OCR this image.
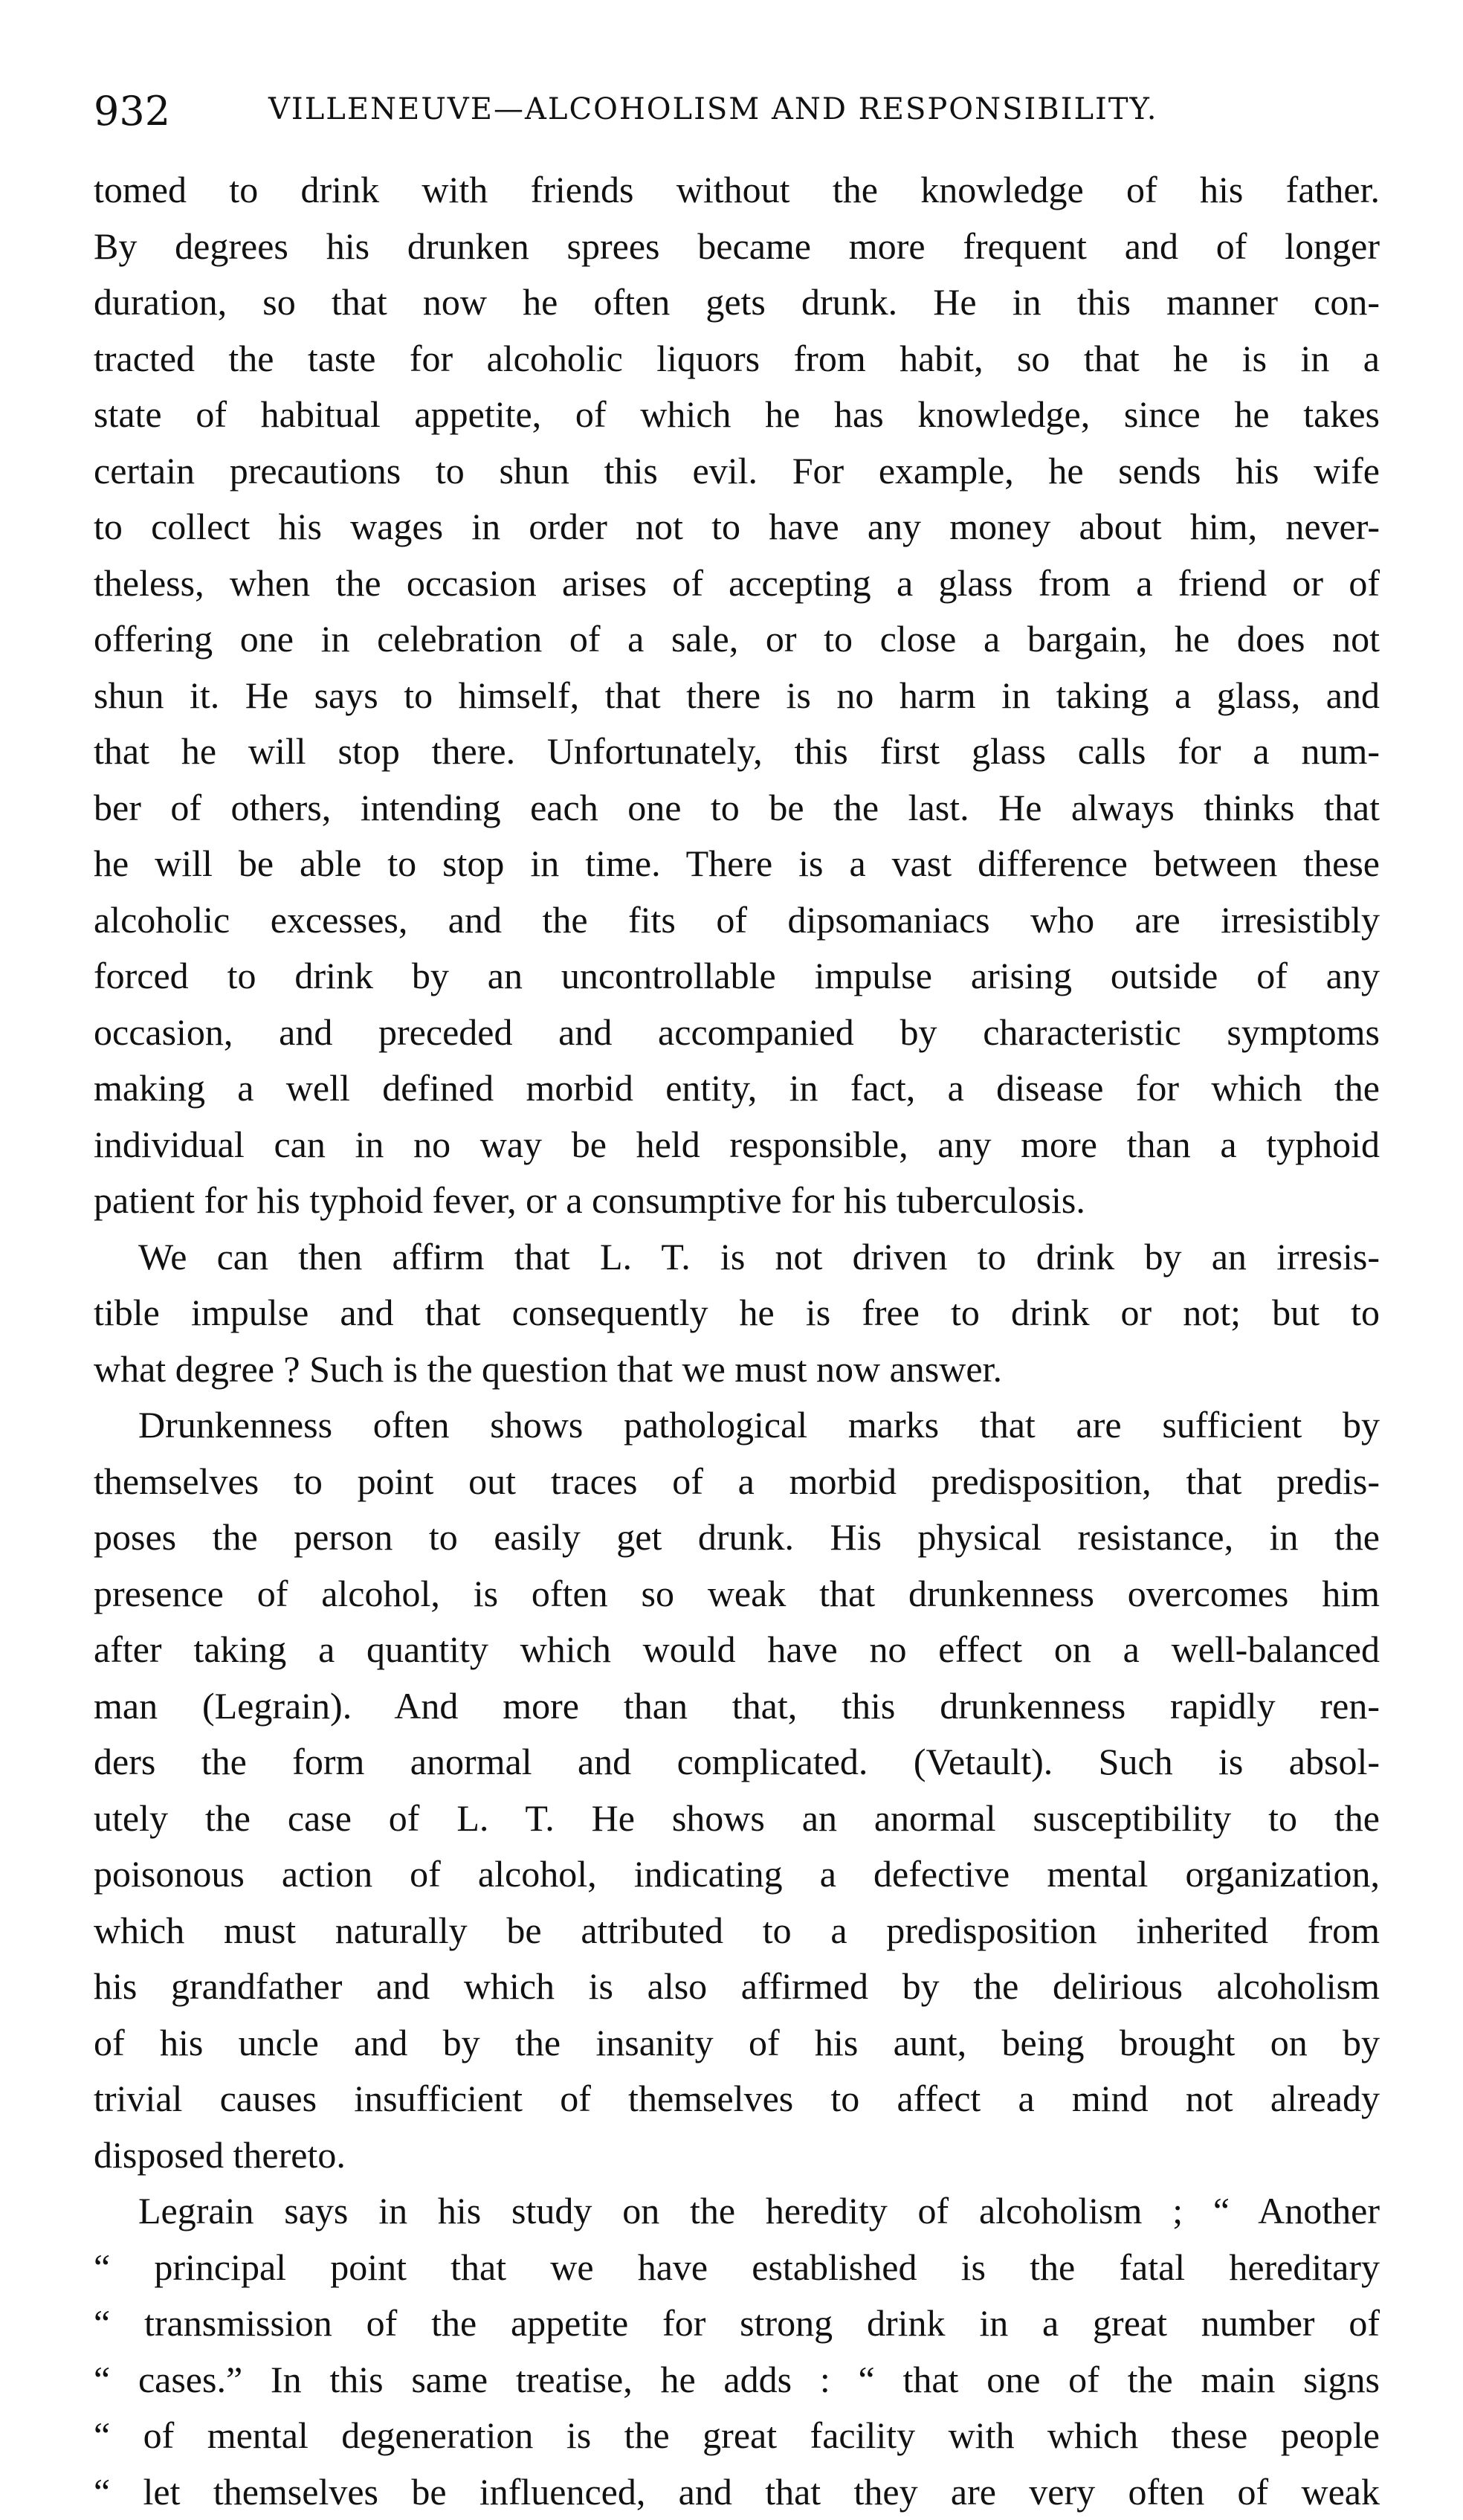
932	VILLENEUVE—ALCOHOLISM AND RESPONSIBILITY.
tomed to drink with friends without the knowledge of his father.
By degrees his drunken sprees became more frequent and of longer
duration, so that now he often gets drunk. He in this manner con-
tracted the taste for alcoholic liquors from habit, so that he is in a
state of habitual appetite, of which he has knowledge, since he takes
certain precautions to shun this evil. For example, he sends his wife
to collect his wages in order not to have any money about him, never-
theless, when the occasion arises of accepting a glass from a friend or of
offering one in celebration of a sale, or to close a bargain, he does not
shun it. He says to himself, that there is no harm in taking a glass, and
that he will stop there. Unfortunately, this first glass calls for a num-
ber of others, intending each one to be the last. He always thinks that
he will be able to stop in time. There is a vast difference between these
alcoholic excesses, and the fits of dipsomaniacs who are irresistibly
forced to drink by an uncontrollable impulse arising outside of any
occasion, and preceded and accompanied by characteristic symptoms
making a well defined morbid entity, in fact, a disease for which the
individual can in no way be held responsible, any more than a typhoid
patient for his typhoid fever, or a consumptive for his tuberculosis.
We can then affirm that L. T. is not driven to drink by an irresis-
tible impulse and that consequently he is free to drink or not; but to
what degree ? Such is the question that we must now answer.
Drunkenness often shows pathological marks that are sufficient by
themselves to point out traces of a morbid predisposition, that predis-
poses the person to easily get drunk. His physical resistance, in the
presence of alcohol, is often so weak that drunkenness overcomes him
after taking a quantity which would have no effect on a well-balanced
man (Legrain). And more than that, this drunkenness rapidly ren-
ders the form anormal and complicated. (Vetault). Such is absol-
utely the case of L. T. He shows an anormal susceptibility to the
poisonous action of alcohol, indicating a defective mental organization,
which must naturally be attributed to a predisposition inherited from
his grandfather and which is also affirmed by the delirious alcoholism
of his uncle and by the insanity of his aunt, being brought on by
trivial causes insufficient of themselves to affect a mind not already
disposed thereto.
Legrain says in his study on the heredity of alcoholism ; “ Another
“ principal point that we have established is the fatal hereditary
“ transmission of the appetite for strong drink in a great number of
“ cases.” In this same treatise, he adds : “ that one of the main signs
“ of mental degeneration is the great facility with which these people
“ let themselves be influenced, and that they are very often of weak
